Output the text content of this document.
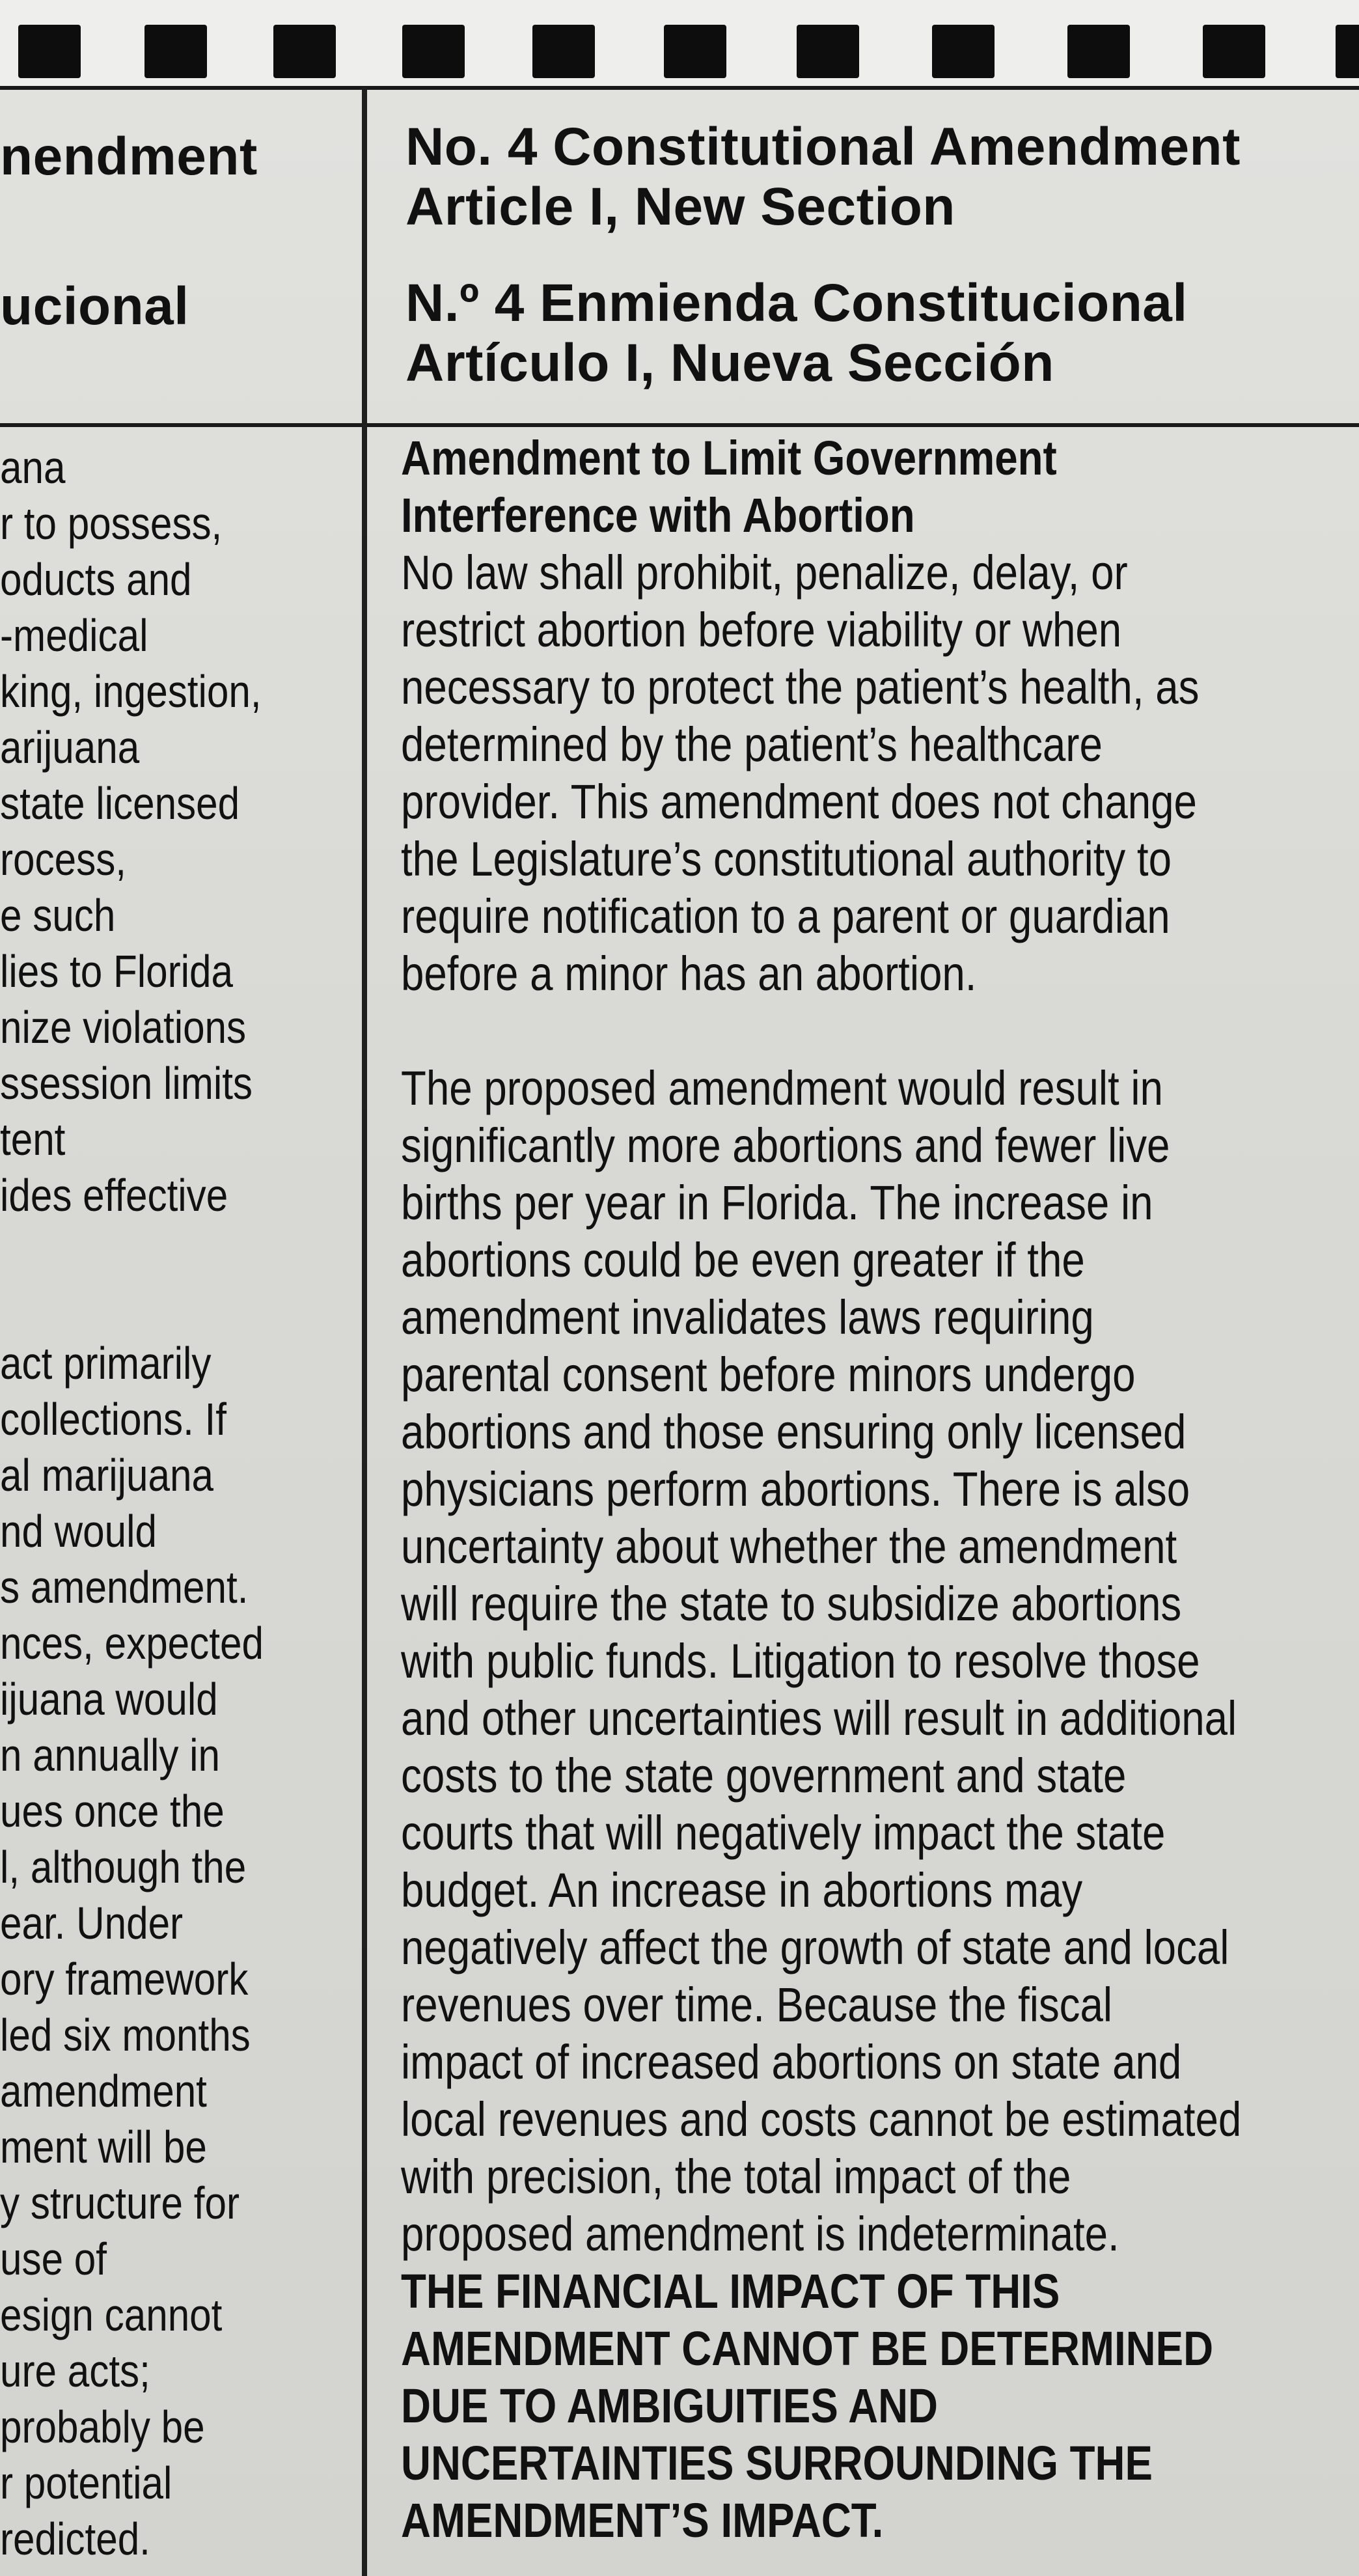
nendment

ucional

ana

r to possess,

oducts and

-medical

king, ingestion,

arijuana

state licensed

rocess,

e such

lies to Florida

nize violations

ssession limits

tent

ides effective

act primarily

collections. If

al marijuana

nd would

s amendment.

nces, expected

ijuana would

n annually in

ues once the

l, although the

ear. Under

ory framework

led six months

amendment

ment will be

y structure for

use of

esign cannot

ure acts;

probably be

r potential

redicted.

No. 4 Constitutional Amendment

Article I, New Section

N.º 4 Enmienda Constitucional

Artículo I, Nueva Sección

Amendment to Limit Government

Interference with Abortion

No law shall prohibit, penalize, delay, or

restrict abortion before viability or when

necessary to protect the patient’s health, as

determined by the patient’s healthcare

provider. This amendment does not change

the Legislature’s constitutional authority to

require notification to a parent or guardian

before a minor has an abortion.

The proposed amendment would result in

significantly more abortions and fewer live

births per year in Florida. The increase in

abortions could be even greater if the

amendment invalidates laws requiring

parental consent before minors undergo

abortions and those ensuring only licensed

physicians perform abortions. There is also

uncertainty about whether the amendment

will require the state to subsidize abortions

with public funds. Litigation to resolve those

and other uncertainties will result in additional

costs to the state government and state

courts that will negatively impact the state

budget. An increase in abortions may

negatively affect the growth of state and local

revenues over time. Because the fiscal

impact of increased abortions on state and

local revenues and costs cannot be estimated

with precision, the total impact of the

proposed amendment is indeterminate.

THE FINANCIAL IMPACT OF THIS

AMENDMENT CANNOT BE DETERMINED

DUE TO AMBIGUITIES AND

UNCERTAINTIES SURROUNDING THE

AMENDMENT’S IMPACT.
